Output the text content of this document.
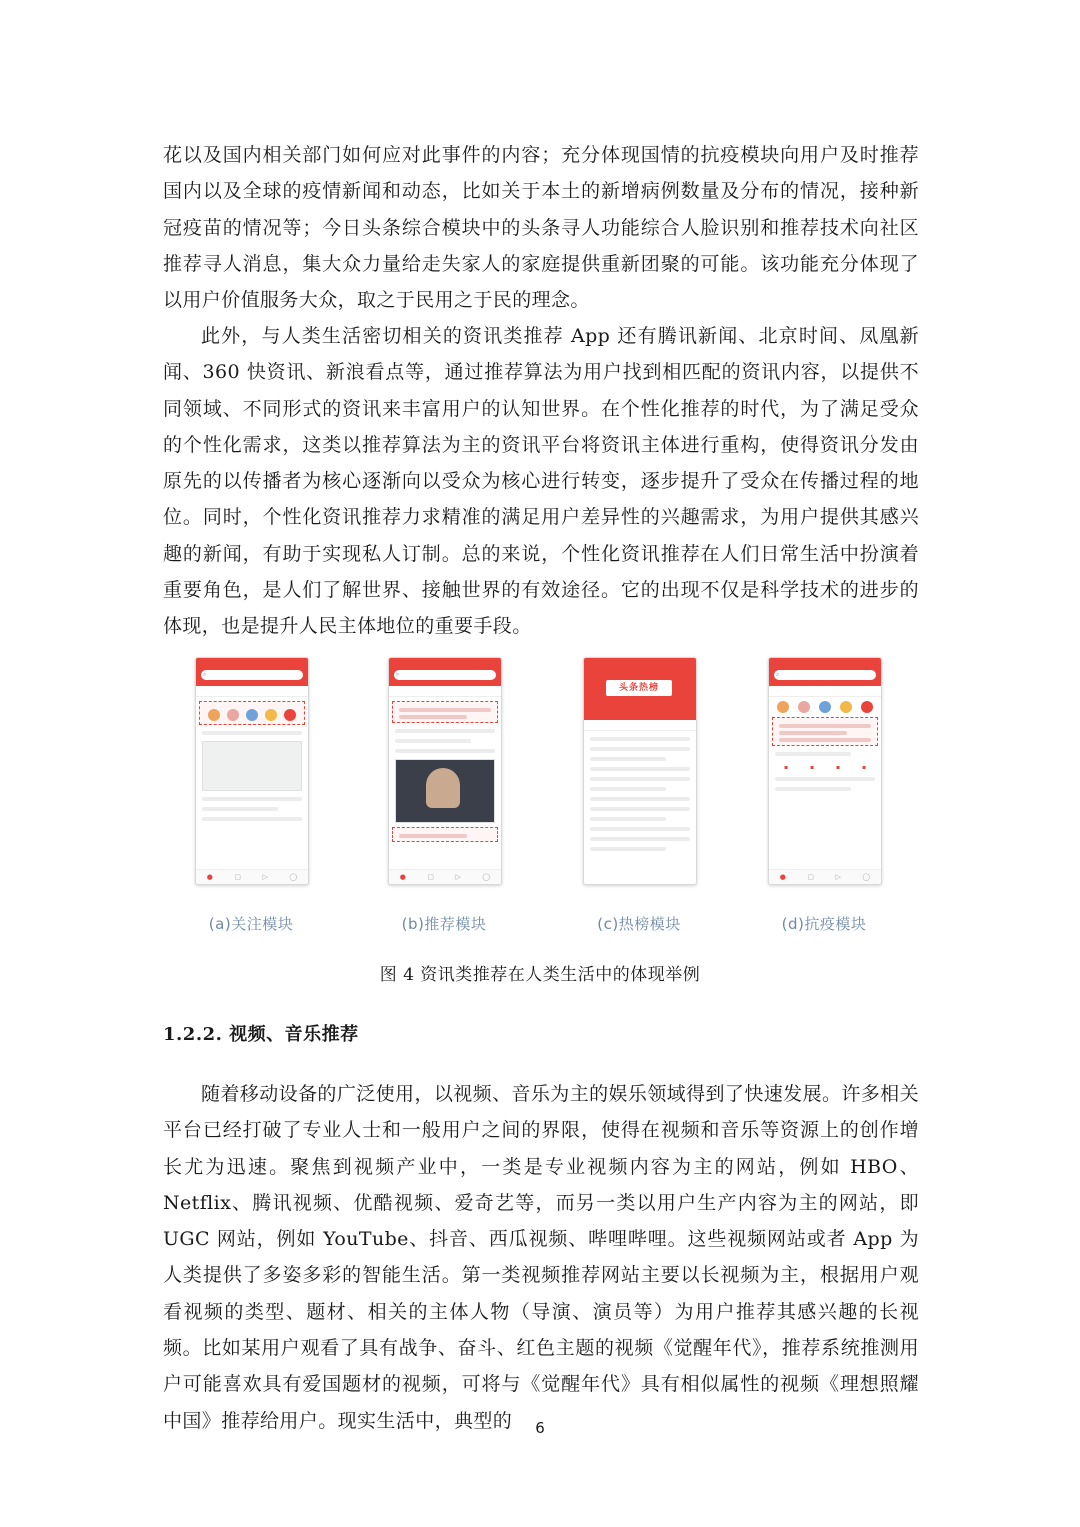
花以及国内相关部门如何应对此事件的内容；充分体现国情的抗疫模块向用户及时推荐国内以及全球的疫情新闻和动态，比如关于本土的新增病例数量及分布的情况，接种新冠疫苗的情况等；今日头条综合模块中的头条寻人功能综合人脸识别和推荐技术向社区推荐寻人消息，集大众力量给走失家人的家庭提供重新团聚的可能。该功能充分体现了以用户价值服务大众，取之于民用之于民的理念。

此外，与人类生活密切相关的资讯类推荐 App 还有腾讯新闻、北京时间、凤凰新闻、360 快资讯、新浪看点等，通过推荐算法为用户找到相匹配的资讯内容，以提供不同领域、不同形式的资讯来丰富用户的认知世界。在个性化推荐的时代，为了满足受众的个性化需求，这类以推荐算法为主的资讯平台将资讯主体进行重构，使得资讯分发由原先的以传播者为核心逐渐向以受众为核心进行转变，逐步提升了受众在传播过程的地位。同时，个性化资讯推荐力求精准的满足用户差异性的兴趣需求，为用户提供其感兴趣的新闻，有助于实现私人订制。总的来说，个性化资讯推荐在人们日常生活中扮演着重要角色，是人们了解世界、接触世界的有效途径。它的出现不仅是科学技术的进步的体现，也是提升人民主体地位的重要手段。

⌕
●	▢	▷	◯
⌕	●	▢	▷	◯
头条热榜
⌕
▪	▪	▪	▪
●	▢	▷	◯
(a)关注模块	(b)推荐模块	(c)热榜模块	(d)抗疫模块
图 4 资讯类推荐在人类生活中的体现举例
1.2.2. 视频、音乐推荐

随着移动设备的广泛使用，以视频、音乐为主的娱乐领域得到了快速发展。许多相关平台已经打破了专业人士和一般用户之间的界限，使得在视频和音乐等资源上的创作增长尤为迅速。聚焦到视频产业中，一类是专业视频内容为主的网站，例如 HBO、Netflix、腾讯视频、优酷视频、爱奇艺等，而另一类以用户生产内容为主的网站，即 UGC 网站，例如 YouTube、抖音、西瓜视频、哔哩哔哩。这些视频网站或者 App 为人类提供了多姿多彩的智能生活。第一类视频推荐网站主要以长视频为主，根据用户观看视频的类型、题材、相关的主体人物（导演、演员等）为用户推荐其感兴趣的长视频。比如某用户观看了具有战争、奋斗、红色主题的视频《觉醒年代》，推荐系统推测用户可能喜欢具有爱国题材的视频，可将与《觉醒年代》具有相似属性的视频《理想照耀中国》推荐给用户。现实生活中，典型的	6
